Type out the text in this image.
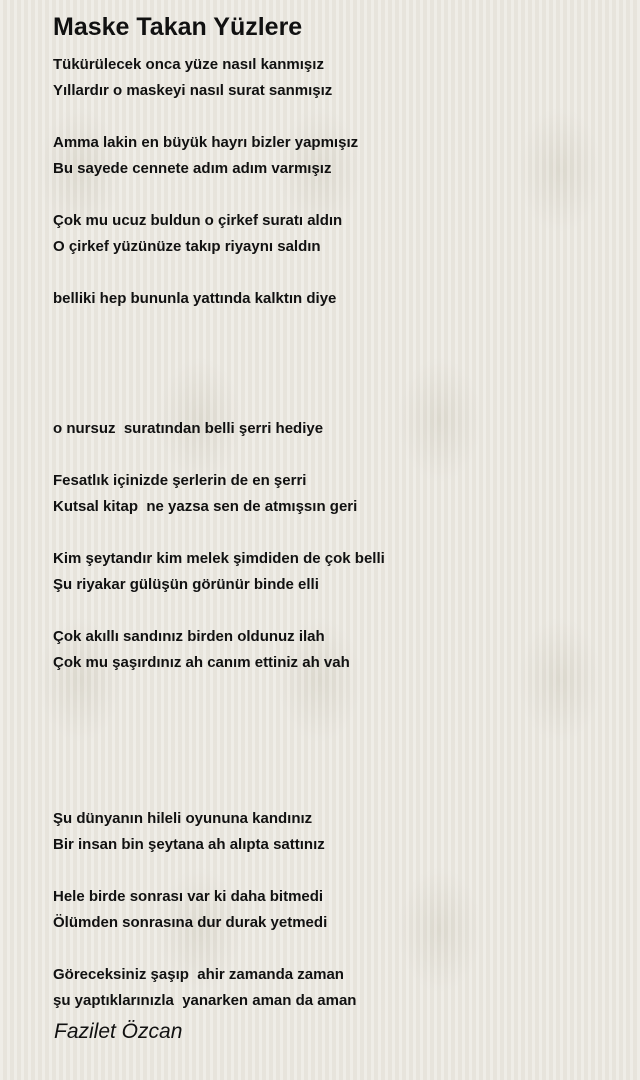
Maske Takan Yüzlere
Tükürülecek onca yüze nasıl kanmışız
Yıllardır o maskeyi nasıl surat sanmışız
Amma lakin en büyük hayrı bizler yapmışız
Bu sayede cennete adım adım varmışız
Çok mu ucuz buldun o çirkef suratı aldın
O çirkef yüzünüze takıp riyaynı saldın
belliki hep bununla yattında kalktın diye
o nursuz  suratından belli şerri hediye
Fesatlık içinizde şerlerin de en şerri
Kutsal kitap  ne yazsa sen de atmışsın geri
Kim şeytandır kim melek şimdiden de çok belli
Şu riyakar gülüşün görünür binde elli
Çok akıllı sandınız birden oldunuz ilah
Çok mu şaşırdınız ah canım ettiniz ah vah
Şu dünyanın hileli oyununa kandınız
Bir insan bin şeytana ah alıpta sattınız
Hele birde sonrası var ki daha bitmedi
Ölümden sonrasına dur durak yetmedi
Göreceksiniz şaşıp  ahir zamanda zaman
şu yaptıklarınızla  yanarken aman da aman
Fazilet Özcan
